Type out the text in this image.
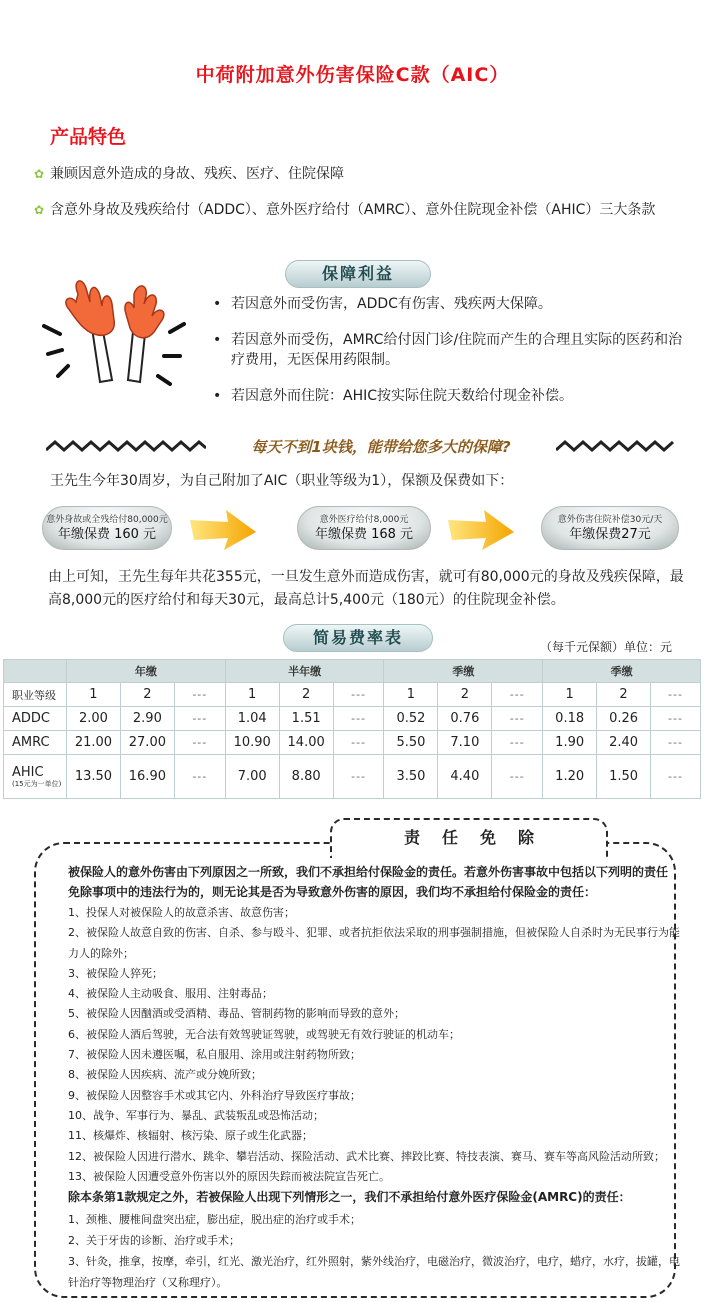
中荷附加意外伤害保险C款（AIC）
产品特色
✿ 兼顾因意外造成的身故、残疾、医疗、住院保障
✿ 含意外身故及残疾给付（ADDC）、意外医疗给付（AMRC）、意外住院现金补偿（AHIC）三大条款
保障利益
• 若因意外而受伤害，ADDC有伤害、残疾两大保障。
• 若因意外而受伤，AMRC给付因门诊/住院而产生的合理且实际的医药和治疗费用，无医保用药限制。
• 若因意外而住院：AHIC按实际住院天数给付现金补偿。
每天不到1块钱，能带给您多大的保障?
王先生今年30周岁，为自己附加了AIC（职业等级为1），保额及保费如下：
意外身故或全残给付80,000元
年缴保费 160 元
意外医疗给付8,000元
年缴保费 168 元
意外伤害住院补偿30元/天
年缴保费27元
由上可知，王先生每年共花355元，一旦发生意外而造成伤害，就可有80,000元的身故及残疾保障，最高8,000元的医疗给付和每天30元，最高总计5,400元（180元）的住院现金补偿。
简易费率表	（每千元保额）单位：元
	年缴			半年缴			季缴			季缴		
职业等级	1	2	---	1	2	---	1	2	---	1	2	---
ADDC	2.00	2.90	---	1.04	1.51	---	0.52	0.76	---	0.18	0.26	---
AMRC	21.00	27.00	---	10.90	14.00	---	5.50	7.10	---	1.90	2.40	---
AHIC
(15元为一单位)	13.50	16.90	---	7.00	8.80	---	3.50	4.40	---	1.20	1.50	---
责任免除
被保险人的意外伤害由下列原因之一所致，我们不承担给付保险金的责任。若意外伤害事故中包括以下列明的责任免除事项中的违法行为的，则无论其是否为导致意外伤害的原因，我们均不承担给付保险金的责任：
1、投保人对被保险人的故意杀害、故意伤害；
2、被保险人故意自致的伤害、自杀、参与殴斗、犯罪、或者抗拒依法采取的刑事强制措施，但被保险人自杀时为无民事行为能力人的除外；
3、被保险人猝死；
4、被保险人主动吸食、服用、注射毒品；
5、被保险人因酗酒或受酒精、毒品、管制药物的影响而导致的意外；
6、被保险人酒后驾驶，无合法有效驾驶证驾驶，或驾驶无有效行驶证的机动车；
7、被保险人因未遵医嘱，私自服用、涂用或注射药物所致；
8、被保险人因疾病、流产或分娩所致；
9、被保险人因整容手术或其它内、外科治疗导致医疗事故；
10、战争、军事行为、暴乱、武装叛乱或恐怖活动；
11、核爆炸、核辐射、核污染、原子或生化武器；
12、被保险人因进行潜水、跳伞、攀岩活动、探险活动、武术比赛、摔跤比赛、特技表演、赛马、赛车等高风险活动所致；
13、被保险人因遭受意外伤害以外的原因失踪而被法院宣告死亡。
除本条第1款规定之外，若被保险人出现下列情形之一，我们不承担给付意外医疗保险金(AMRC)的责任：
1、颈椎、腰椎间盘突出症，膨出症，脱出症的治疗或手术；
2、关于牙齿的诊断、治疗或手术；
3、针灸，推拿，按摩，牵引，红光、激光治疗，红外照射，紫外线治疗，电磁治疗，微波治疗，电疗，蜡疗，水疗，拔罐，电针治疗等物理治疗（又称理疗）。
